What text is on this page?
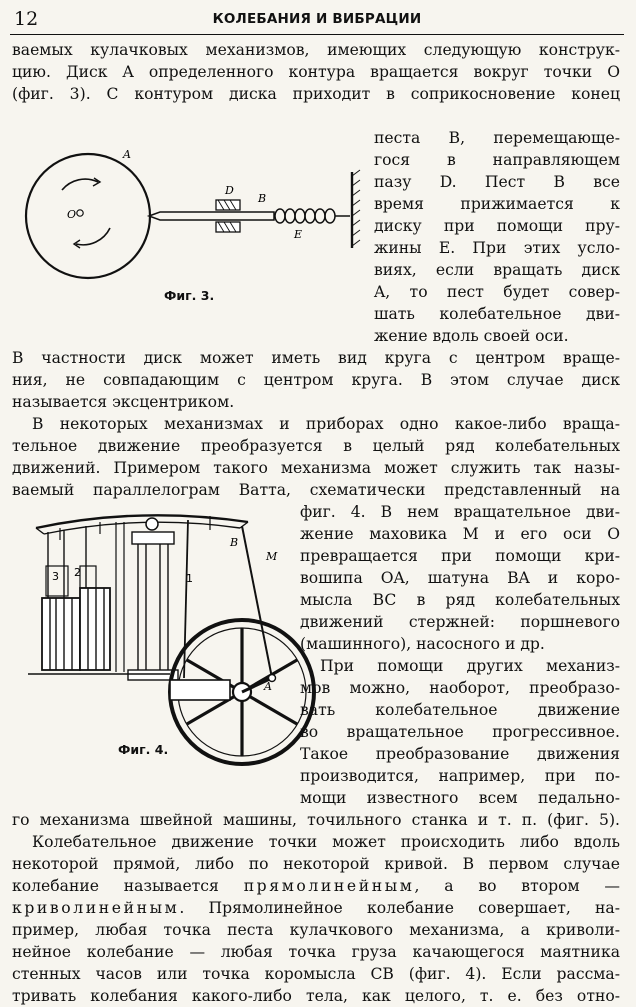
12	КОЛЕБАНИЯ И ВИБРАЦИИ
ваемых кулачковых механизмов, имеющих следующую конструк-
цию. Диск A определенного контура вращается вокруг точки O
(фиг. 3). С контуром диска приходит в соприкосновение конец
A
O
D
B
E
Фиг. 3.
песта B, перемещающе-
гося в направляющем
пазу D. Пест B все
время прижимается к
диску при помощи пру-
жины E. При этих усло-
виях, если вращать диск
A, то пест будет совер-
шать колебательное дви-
жение вдоль своей оси.
В частности диск может иметь вид круга с центром враще-
ния, не совпадающим с центром круга. В этом случае диск
называется эксцентриком.
В некоторых механизмах и приборах одно какое-либо враща-
тельное движение преобразуется в целый ряд колебательных
движений. Примером такого механизма может служить так назы-
ваемый параллелограм Ватта, схематически представленный на
3 2	1
B
M
A
Фиг. 4.
фиг. 4. В нем вращательное дви-
жение маховика M и его оси O
превращается при помощи кри-
вошипа OA, шатуна BA и коро-
мысла BC в ряд колебательных
движений стержней: поршневого
(машинного), насосного и др.
При помощи других механиз-
мов можно, наоборот, преобразо-
вать колебательное движение
во вращательное прогрессивное.
Такое преобразование движения
производится, например, при по-
мощи известного всем педально-
го механизма швейной машины, точильного станка и т. п. (фиг. 5).
Колебательное движение точки может происходить либо вдоль
некоторой прямой, либо по некоторой кривой. В первом случае
колебание называется прямолинейным, а во втором —
криволинейным. Прямолинейное колебание совершает, на-
пример, любая точка песта кулачкового механизма, а криволи-
нейное колебание — любая точка груза качающегося маятника
стенных часов или точка коромысла CB (фиг. 4). Если рассма-
тривать колебания какого-либо тела, как целого, т. е. без отно-
